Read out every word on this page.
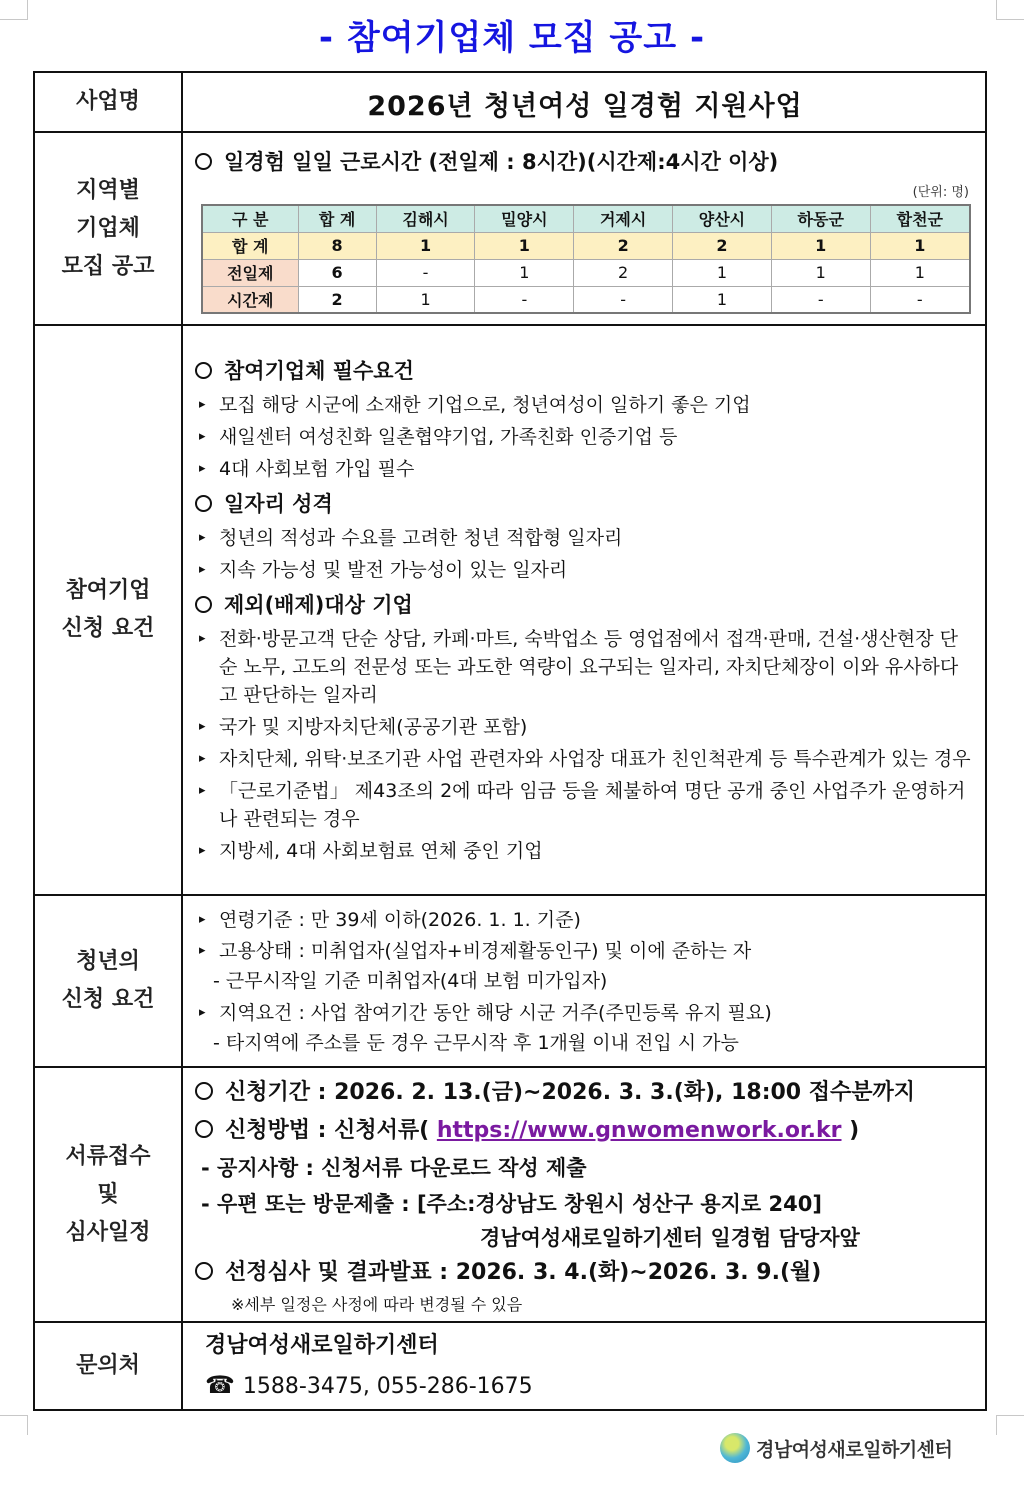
- 참여기업체 모집 공고 -
사업명	2026년 청년여성 일경험 지원사업

지역별
기업체
모집 공고

일경험 일일 근로시간 (전일제 : 8시간)(시간제:4시간 이상)
(단위: 명)
구 분	합 계	김해시	밀양시	거제시	양산시	하동군	합천군
합 계	8	1	1	2	2	1	1
전일제	6	-	1	2	1	1	1
시간제	2	1	-	-	1	-	-

참여기업
신청 요건

참여기업체 필수요건
▸ 모집 해당 시군에 소재한 기업으로, 청년여성이 일하기 좋은 기업
▸ 새일센터 여성친화 일촌협약기업, 가족친화 인증기업 등
▸ 4대 사회보험 가입 필수
일자리 성격
▸ 청년의 적성과 수요를 고려한 청년 적합형 일자리
▸ 지속 가능성 및 발전 가능성이 있는 일자리
제외(배제)대상 기업
▸ 전화·방문고객 단순 상담, 카페·마트, 숙박업소 등 영업점에서 접객·판매, 건설·생산현장 단순 노무, 고도의 전문성 또는 과도한 역량이 요구되는 일자리, 자치단체장이 이와 유사하다고 판단하는 일자리
▸ 국가 및 지방자치단체(공공기관 포함)
▸ 자치단체, 위탁·보조기관 사업 관련자와 사업장 대표가 친인척관계 등 특수관계가 있는 경우
▸ 「근로기준법」 제43조의 2에 따라 임금 등을 체불하여 명단 공개 중인 사업주가 운영하거나 관련되는 경우
▸ 지방세, 4대 사회보험료 연체 중인 기업

청년의
신청 요건

▸ 연령기준 : 만 39세 이하(2026. 1. 1. 기준)
▸ 고용상태 : 미취업자(실업자+비경제활동인구) 및 이에 준하는 자
- 근무시작일 기준 미취업자(4대 보험 미가입자)
▸ 지역요건 : 사업 참여기간 동안 해당 시군 거주(주민등록 유지 필요)
- 타지역에 주소를 둔 경우 근무시작 후 1개월 이내 전입 시 가능

서류접수
및
심사일정

신청기간 : 2026. 2. 13.(금)~2026. 3. 3.(화), 18:00 접수분까지
신청방법 : 신청서류( https://www.gnwomenwork.or.kr )
- 공지사항 : 신청서류 다운로드 작성 제출
- 우편 또는 방문제출 : [주소:경상남도 창원시 성산구 용지로 240]
경남여성새로일하기센터 일경험 담당자앞
선정심사 및 결과발표 : 2026. 3. 4.(화)~2026. 3. 9.(월)
※세부 일정은 사정에 따라 변경될 수 있음

문의처	
경남여성새로일하기센터
☎ 1588-3475, 055-286-1675
경남여성새로일하기센터
